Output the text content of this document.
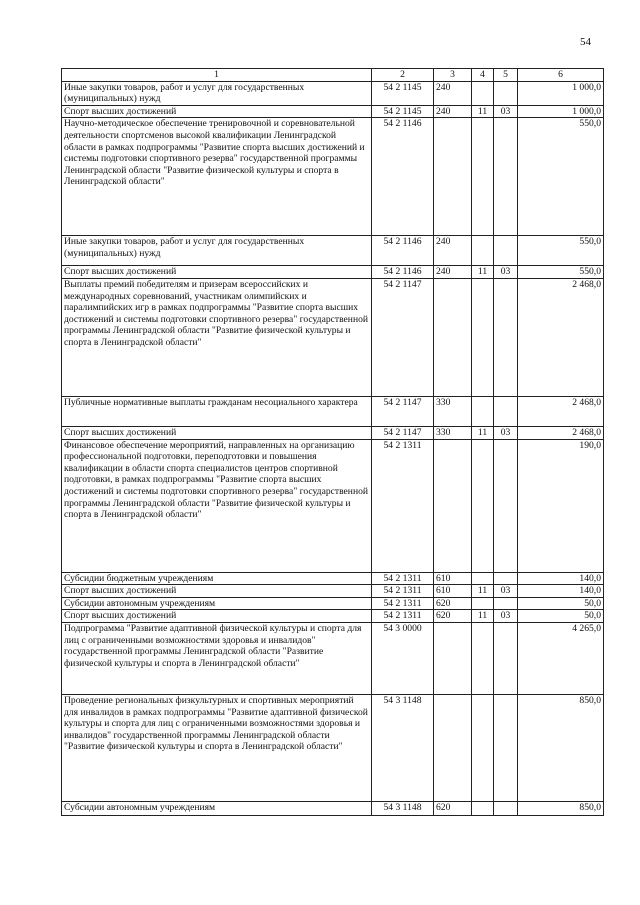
54
1	2	3	4	5	6
Иные закупки товаров, работ и услуг для государственных (муниципальных) нужд	54 2 1145	240			1 000,0
Спорт высших достижений	54 2 1145	240	11	03	1 000,0
Научно-методическое обеспечение тренировочной и соревновательной деятельности спортсменов высокой квалификации Ленинградской области в рамках подпрограммы "Развитие спорта высших достижений и системы подготовки спортивного резерва" государственной программы Ленинградской области "Развитие физической культуры и спорта в Ленинградской области"	54 2 1146				550,0
Иные закупки товаров, работ и услуг для государственных (муниципальных) нужд	54 2 1146	240			550,0
Спорт высших достижений	54 2 1146	240	11	03	550,0
Выплаты премий победителям и призерам всероссийских и международных соревнований, участникам олимпийских и паралимпийских игр в рамках подпрограммы "Развитие спорта высших достижений и системы подготовки спортивного резерва" государственной программы Ленинградской области "Развитие физической культуры и спорта в Ленинградской области"	54 2 1147				2 468,0
Публичные нормативные выплаты гражданам несоциального характера	54 2 1147	330			2 468,0
Спорт высших достижений	54 2 1147	330	11	03	2 468,0
Финансовое обеспечение мероприятий, направленных на организацию профессиональной подготовки, переподготовки и повышения квалификации в области спорта специалистов центров спортивной подготовки, в рамках подпрограммы "Развитие спорта высших достижений и системы подготовки спортивного резерва" государственной программы Ленинградской области "Развитие физической культуры и спорта в Ленинградской области"	54 2 1311				190,0
Субсидии бюджетным учреждениям	54 2 1311	610			140,0
Спорт высших достижений	54 2 1311	610	11	03	140,0
Субсидии автономным учреждениям	54 2 1311	620			50,0
Спорт высших достижений	54 2 1311	620	11	03	50,0
Подпрограмма "Развитие адаптивной физической культуры и спорта для лиц с ограниченными возможностями здоровья и инвалидов" государственной программы Ленинградской области "Развитие физической культуры и спорта в Ленинградской области"	54 3 0000				4 265,0
Проведение региональных физкультурных и спортивных мероприятий для инвалидов в рамках подпрограммы "Развитие адаптивной физической культуры и спорта для лиц с ограниченными возможностями здоровья и инвалидов" государственной программы Ленинградской области "Развитие физической культуры и спорта в Ленинградской области"	54 3 1148				850,0
Субсидии автономным учреждениям	54 3 1148	620			850,0
